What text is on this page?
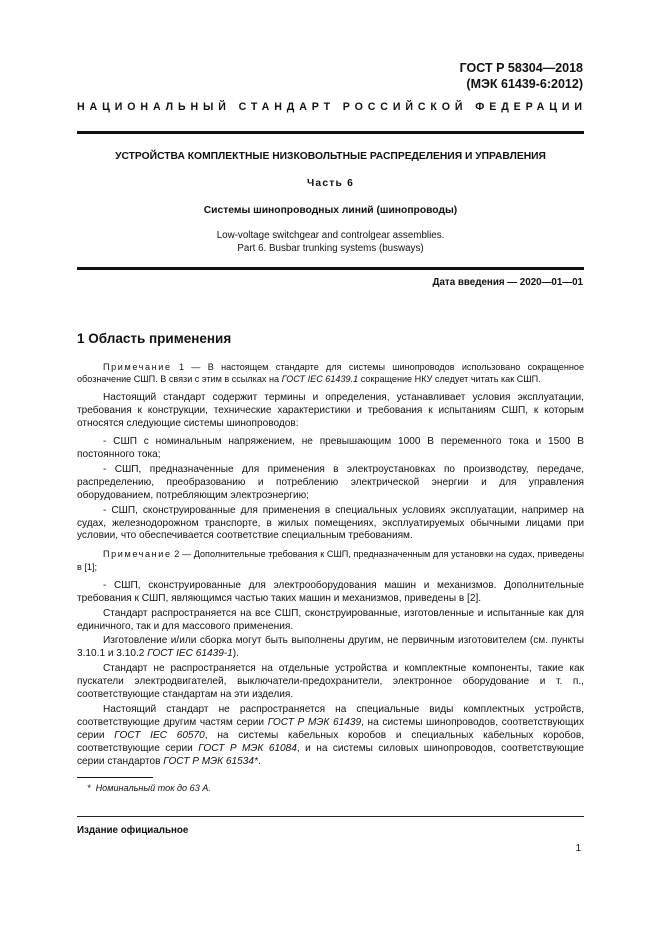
ГОСТ Р 58304—2018
(МЭК 61439-6:2012)
НАЦИОНАЛЬНЫЙ СТАНДАРТ РОССИЙСКОЙ ФЕДЕРАЦИИ
УСТРОЙСТВА КОМПЛЕКТНЫЕ НИЗКОВОЛЬТНЫЕ РАСПРЕДЕЛЕНИЯ И УПРАВЛЕНИЯ
Часть 6
Системы шинопроводных линий (шинопроводы)
Low-voltage switchgear and controlgear assemblies.
Part 6. Busbar trunking systems (busways)
Дата введения — 2020—01—01
1 Область применения

Примечание 1 — В настоящем стандарте для системы шинопроводов использовано сокращенное обозначение СШП. В связи с этим в ссылках на ГОСТ IEC 61439.1 сокращение НКУ следует читать как СШП.

Настоящий стандарт содержит термины и определения, устанавливает условия эксплуатации, требования к конструкции, технические характеристики и требования к испытаниям СШП, к которым относятся следующие системы шинопроводов:

- СШП с номинальным напряжением, не превышающим 1000 В переменного тока и 1500 В постоянного тока;

- СШП, предназначенные для применения в электроустановках по производству, передаче, распределению, преобразованию и потреблению электрической энергии и для управления оборудованием, потребляющим электроэнергию;

- СШП, сконструированные для применения в специальных условиях эксплуатации, например на судах, железнодорожном транспорте, в жилых помещениях, эксплуатируемых обычными лицами при условии, что обеспечивается соответствие специальным требованиям.

Примечание 2 — Дополнительные требования к СШП, предназначенным для установки на судах, приведены в [1];

- СШП, сконструированные для электрооборудования машин и механизмов. Дополнительные требования к СШП, являющимся частью таких машин и механизмов, приведены в [2].

Стандарт распространяется на все СШП, сконструированные, изготовленные и испытанные как для единичного, так и для массового применения.

Изготовление и/или сборка могут быть выполнены другим, не первичным изготовителем (см. пункты 3.10.1 и 3.10.2 ГОСТ IEC 61439-1).

Стандарт не распространяется на отдельные устройства и комплектные компоненты, такие как пускатели электродвигателей, выключатели-предохранители, электронное оборудование и т. п., соответствующие стандартам на эти изделия.

Настоящий стандарт не распространяется на специальные виды комплектных устройств, соответствующие другим частям серии ГОСТ Р МЭК 61439, на системы шинопроводов, соответствующих серии ГОСТ IEC 60570, на системы кабельных коробов и специальных кабельных коробов, соответствующие серии ГОСТ Р МЭК 61084, и на системы силовых шинопроводов, соответствующие серии стандартов ГОСТ Р МЭК 61534*.

* Номинальный ток до 63 А.
Издание официальное
1
